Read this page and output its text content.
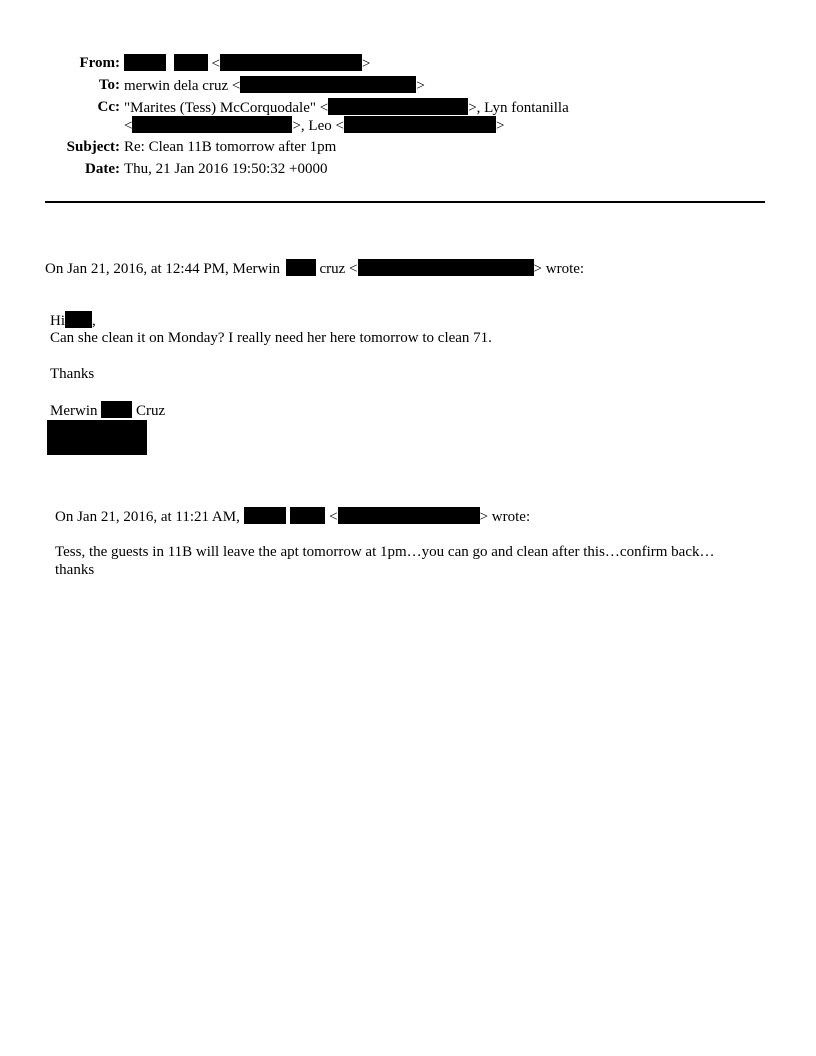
From:	<	>
To: merwin dela cruz <	>
Cc: "Marites (Tess) McCorquodale" <	>, Lyn fontanilla
<	>, Leo <	>
Subject: Re: Clean 11B tomorrow after 1pm
Date: Thu, 21 Jan 2016 19:50:32 +0000
On Jan 21, 2016, at 12:44 PM, Merwin	cruz <	> wrote:
Hi ,
Can she clean it on Monday? I really need her here tomorrow to clean 71.
Thanks
Merwin	Cruz
On Jan 21, 2016, at 11:21 AM,	<	> wrote:
Tess, the guests in 11B will leave the apt tomorrow at 1pm…you can go and clean after this…confirm back…
thanks
